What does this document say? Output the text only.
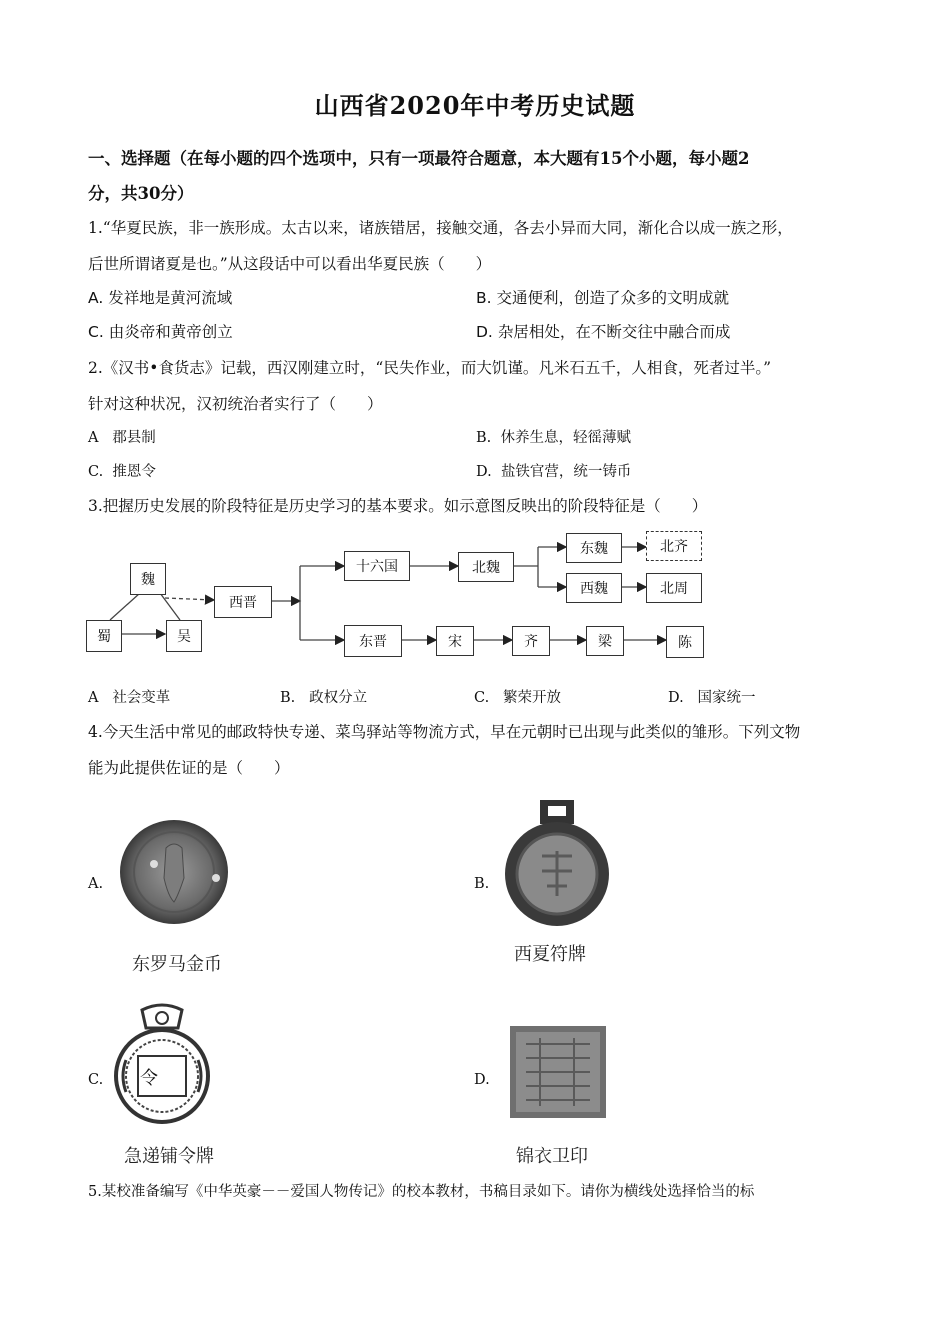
山西省2020年中考历史试题
一、选择题（在每小题的四个选项中，只有一项最符合题意，本大题有15个小题，每小题2
分，共30分）
1.“华夏民族，非一族形成。太古以来，诸族错居，接触交通，各去小异而大同，渐化合以成一族之形，
后世所谓诸夏是也。”从这段话中可以看出华夏民族（　　）
A. 发祥地是黄河流域	B. 交通便利，创造了众多的文明成就
C. 由炎帝和黄帝创立	D. 杂居相处，在不断交往中融合而成
2.《汉书•食货志》记载，西汉刚建立时，“民失作业，而大饥谨。凡米石五千，人相食，死者过半。”
针对这种状况，汉初统治者实行了（　　）
A 郡县制	B. 休养生息，轻徭薄赋
C. 推恩令	D. 盐铁官营，统一铸币
3.把握历史发展的阶段特征是历史学习的基本要求。如示意图反映出的阶段特征是（　　）
魏
蜀	吴
西晋
十六国	北魏
东魏
西魏
北齐
北周
东晋	宋	齐	梁	陈
A 社会变革	B. 政权分立	C. 繁荣开放	D. 国家统一
4.今天生活中常见的邮政特快专递、菜鸟驿站等物流方式，早在元朝时已出现与此类似的雏形。下列文物
能为此提供佐证的是（　　）
A.
东罗马金币
B.
西夏符牌
C. 令
急递铺令牌
D.
锦衣卫印
5.某校准备编写《中华英豪－－爱国人物传记》的校本教材，书稿目录如下。请你为横线处选择恰当的标
